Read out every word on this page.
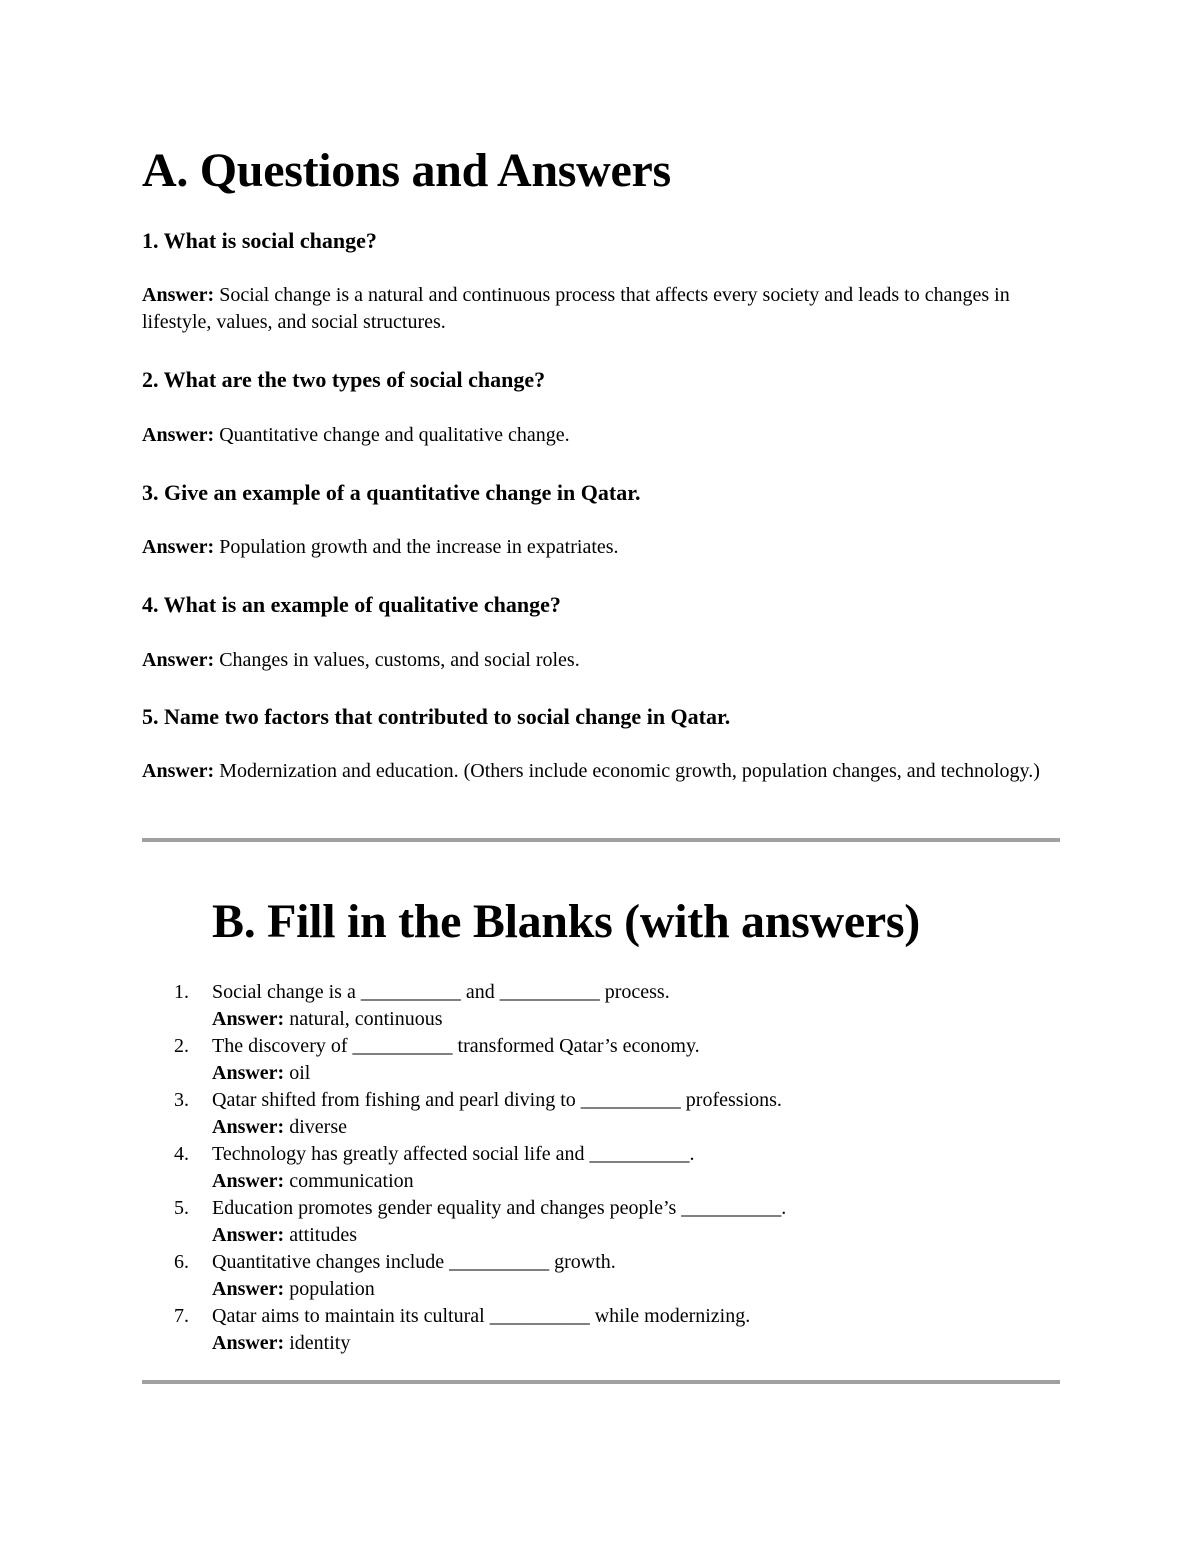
A. Questions and Answers

1. What is social change?

Answer: Social change is a natural and continuous process that affects every society and leads to changes in lifestyle, values, and social structures.

2. What are the two types of social change?

Answer: Quantitative change and qualitative change.

3. Give an example of a quantitative change in Qatar.

Answer: Population growth and the increase in expatriates.

4. What is an example of qualitative change?

Answer: Changes in values, customs, and social roles.

5. Name two factors that contributed to social change in Qatar.

Answer: Modernization and education. (Others include economic growth, population changes, and technology.)

B. Fill in the Blanks (with answers)
1. Social change is a __________ and __________ process.
Answer: natural, continuous
2. The discovery of __________ transformed Qatar’s economy.
Answer: oil
3. Qatar shifted from fishing and pearl diving to __________ professions.
Answer: diverse
4. Technology has greatly affected social life and __________.
Answer: communication
5. Education promotes gender equality and changes people’s __________.
Answer: attitudes
6. Quantitative changes include __________ growth.
Answer: population
7. Qatar aims to maintain its cultural __________ while modernizing.
Answer: identity
